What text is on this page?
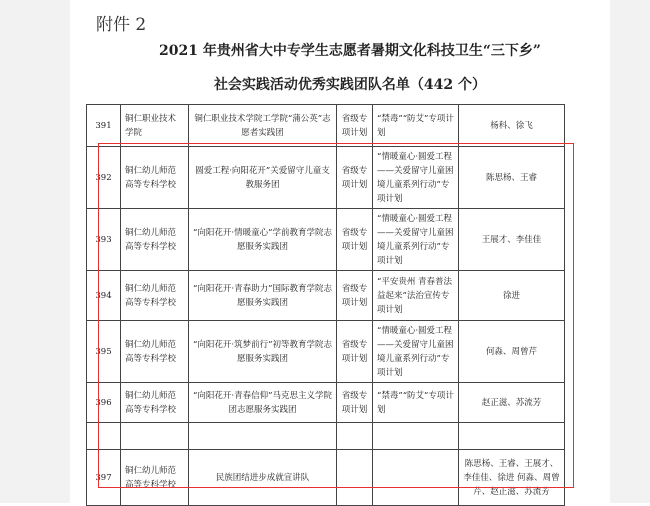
附件 2
2021 年贵州省大中专学生志愿者暑期文化科技卫生“三下乡”
社会实践活动优秀实践团队名单（442 个）
391	铜仁职业技术学院	铜仁职业技术学院工学院“蒲公英”志愿者实践团	省级专项计划	“禁毒”“防艾”专项计划	杨科、徐飞
392	铜仁幼儿师范高等专科学校	圆爱工程·向阳花开”关爱留守儿童支教服务团	省级专项计划	“情暖童心·圆爱工程——关爱留守儿童困境儿童系列行动”专项计划	陈思杨、王睿
393	铜仁幼儿师范高等专科学校	“向阳花开·情暖童心”学前教育学院志愿服务实践团	省级专项计划	“情暖童心·圆爱工程——关爱留守儿童困境儿童系列行动”专项计划	王展才、李佳佳
394	铜仁幼儿师范高等专科学校	“向阳花开·青春助力”国际教育学院志愿服务实践团	省级专项计划	“平安贵州 青春普法益起来”法治宣传专项计划	徐进
395	铜仁幼儿师范高等专科学校	“向阳花开·筑梦前行”初等教育学院志愿服务实践团	省级专项计划	“情暖童心·圆爱工程——关爱留守儿童困境儿童系列行动”专项计划	何淼、周曾芹
396	铜仁幼儿师范高等专科学校	“向阳花开·青春信仰”马克思主义学院团志愿服务实践团	省级专项计划	“禁毒”“防艾”专项计划	赵正滋、苏流芳

397	铜仁幼儿师范高等专科学校	民族团结进步成就宣讲队			陈思杨、王睿、王展才、李佳佳、徐进 何淼、周曾芹、赵正滋、苏流芳
